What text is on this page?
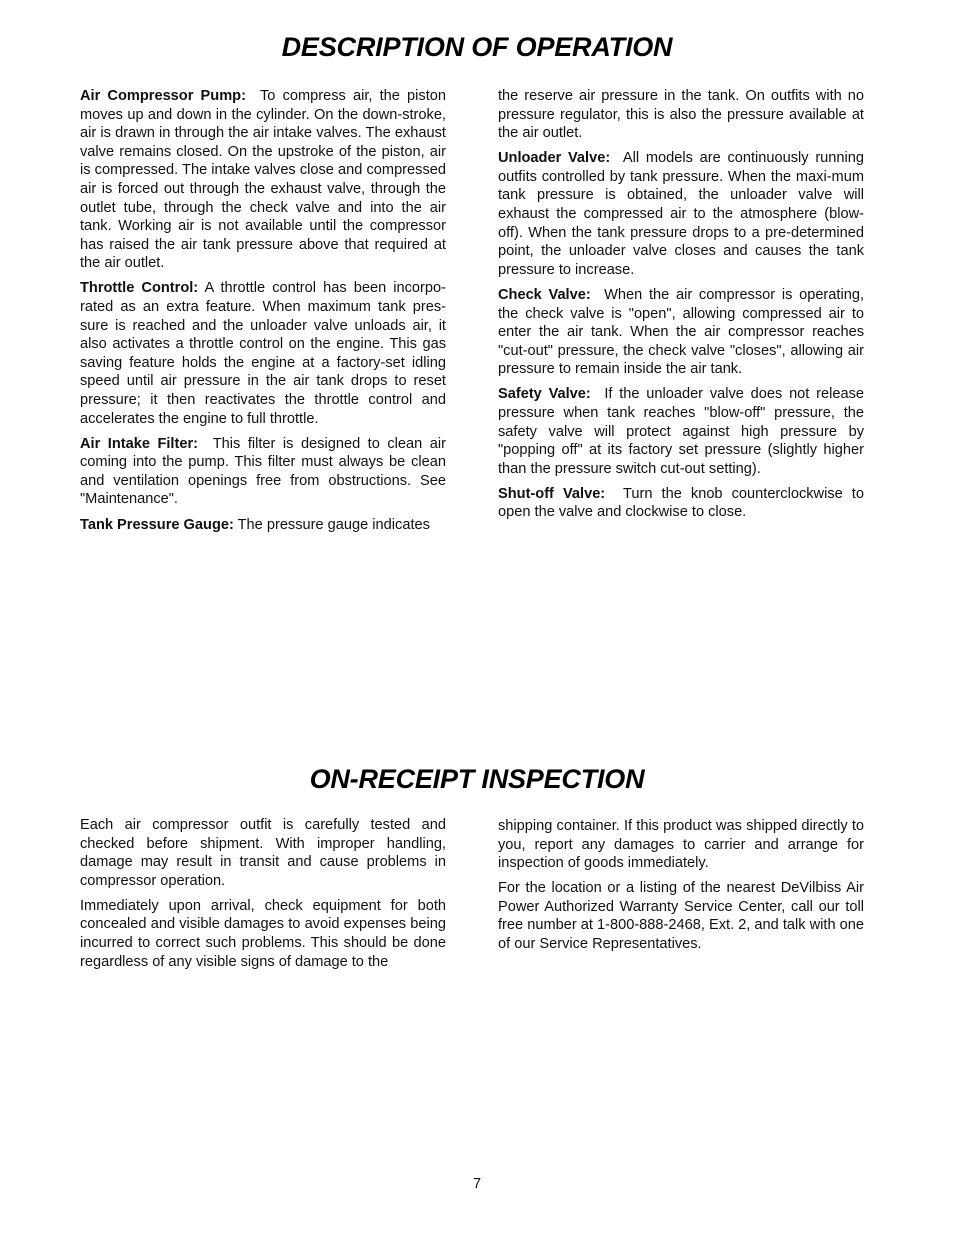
DESCRIPTION OF OPERATION

Air Compressor Pump: To compress air, the piston moves up and down in the cylinder. On the down-stroke, air is drawn in through the air intake valves. The exhaust valve remains closed. On the upstroke of the piston, air is compressed. The intake valves close and compressed air is forced out through the exhaust valve, through the outlet tube, through the check valve and into the air tank. Working air is not available until the compressor has raised the air tank pressure above that required at the air outlet.

Throttle Control: A throttle control has been incorpo-rated as an extra feature. When maximum tank pres-sure is reached and the unloader valve unloads air, it also activates a throttle control on the engine. This gas saving feature holds the engine at a factory-set idling speed until air pressure in the air tank drops to reset pressure; it then reactivates the throttle control and accelerates the engine to full throttle.

Air Intake Filter: This filter is designed to clean air coming into the pump. This filter must always be clean and ventilation openings free from obstructions. See "Maintenance".

Tank Pressure Gauge: The pressure gauge indicates

the reserve air pressure in the tank. On outfits with no pressure regulator, this is also the pressure available at the air outlet.

Unloader Valve: All models are continuously running outfits controlled by tank pressure. When the maxi-mum tank pressure is obtained, the unloader valve will exhaust the compressed air to the atmosphere (blow-off). When the tank pressure drops to a pre-determined point, the unloader valve closes and causes the tank pressure to increase.

Check Valve: When the air compressor is operating, the check valve is "open", allowing compressed air to enter the air tank. When the air compressor reaches "cut-out" pressure, the check valve "closes", allowing air pressure to remain inside the air tank.

Safety Valve: If the unloader valve does not release pressure when tank reaches "blow-off" pressure, the safety valve will protect against high pressure by "popping off" at its factory set pressure (slightly higher than the pressure switch cut-out setting).

Shut-off Valve: Turn the knob counterclockwise to open the valve and clockwise to close.

ON-RECEIPT INSPECTION

Each air compressor outfit is carefully tested and checked before shipment. With improper handling, damage may result in transit and cause problems in compressor operation.

Immediately upon arrival, check equipment for both concealed and visible damages to avoid expenses being incurred to correct such problems. This should be done regardless of any visible signs of damage to the

shipping container. If this product was shipped directly to you, report any damages to carrier and arrange for inspection of goods immediately.

For the location or a listing of the nearest DeVilbiss Air Power Authorized Warranty Service Center, call our toll free number at 1-800-888-2468, Ext. 2, and talk with one of our Service Representatives.

7
